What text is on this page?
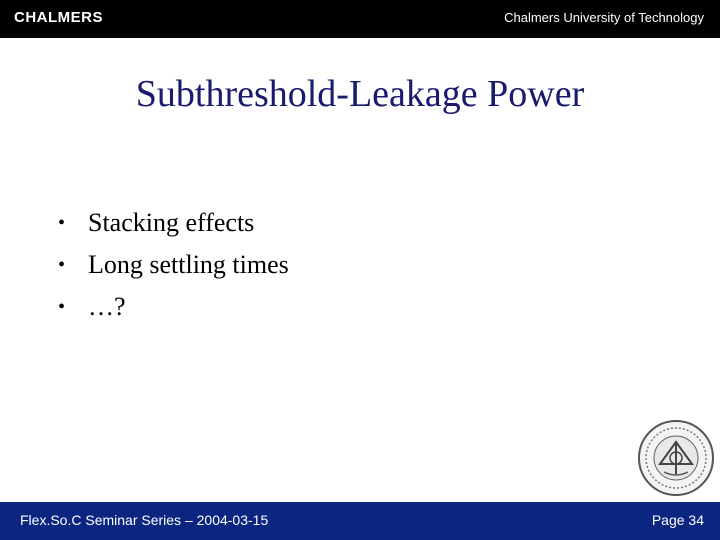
CHALMERS	Chalmers University of Technology
Subthreshold-Leakage Power
• Stacking effects
• Long settling times
• …?
Flex.So.C Seminar Series – 2004-03-15	Page 34
